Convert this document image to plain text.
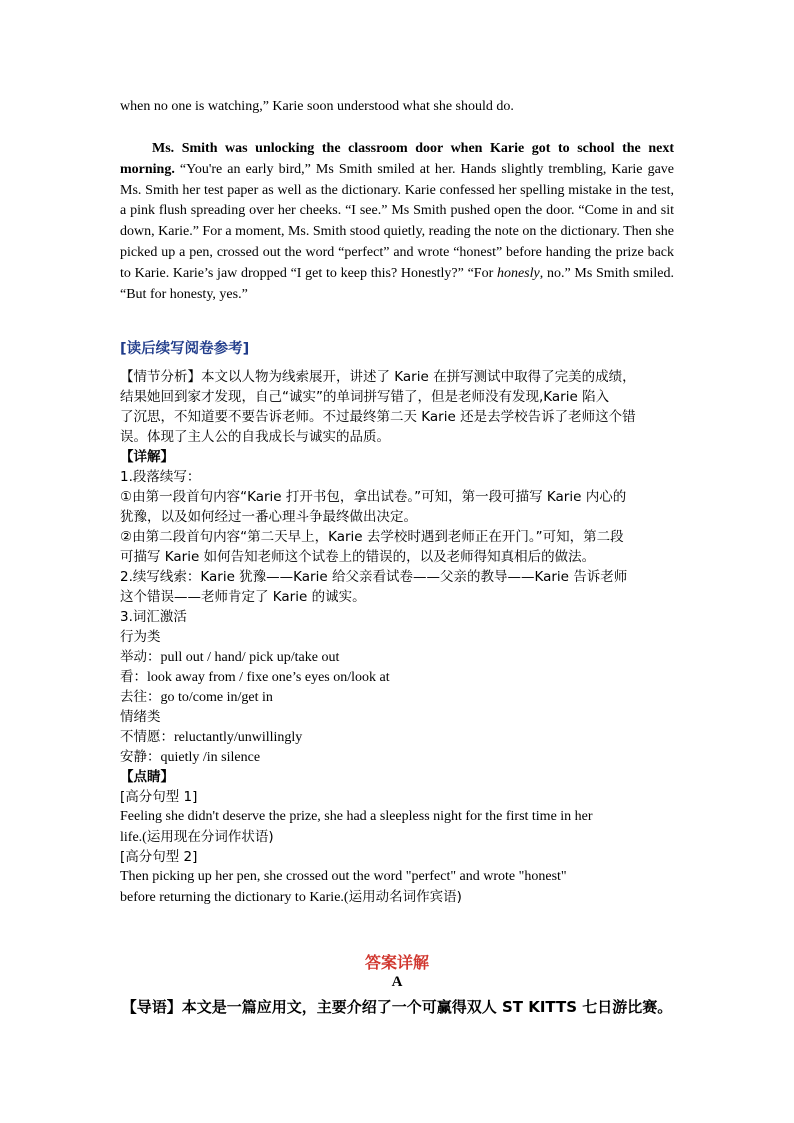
when no one is watching,” Karie soon understood what she should do.
Ms. Smith was unlocking the classroom door when Karie got to school the next morning. “You're an early bird,” Ms Smith smiled at her. Hands slightly trembling, Karie gave Ms. Smith her test paper as well as the dictionary. Karie confessed her spelling mistake in the test, a pink flush spreading over her cheeks. “I see.” Ms Smith pushed open the door. “Come in and sit down, Karie.” For a moment, Ms. Smith stood quietly, reading the note on the dictionary. Then she picked up a pen, crossed out the word “perfect” and wrote “honest” before handing the prize back to Karie. Karie’s jaw dropped “I get to keep this? Honestly?” “For honesly, no.” Ms Smith smiled. “But for honesty, yes.”
[读后续写阅卷参考]
【情节分析】本文以人物为线索展开，讲述了 Karie 在拼写测试中取得了完美的成绩，
结果她回到家才发现，自己“诚实”的单词拼写错了，但是老师没有发现,Karie 陷入
了沉思，不知道要不要告诉老师。不过最终第二天 Karie 还是去学校告诉了老师这个错
误。体现了主人公的自我成长与诚实的品质。
【详解】
1.段落续写：
①由第一段首句内容“Karie 打开书包，拿出试卷。”可知，第一段可描写 Karie 内心的
犹豫，以及如何经过一番心理斗争最终做出决定。
②由第二段首句内容“第二天早上，Karie 去学校时遇到老师正在开门。”可知，第二段
可描写 Karie 如何告知老师这个试卷上的错误的，以及老师得知真相后的做法。
2.续写线索：Karie 犹豫——Karie 给父亲看试卷——父亲的教导——Karie 告诉老师
这个错误——老师肯定了 Karie 的诚实。
3.词汇激活
行为类
举动：pull out / hand/ pick up/take out
看：look away from / fixe one’s eyes on/look at
去往：go to/come in/get in
情绪类
不情愿：reluctantly/unwillingly
安静：quietly /in silence
【点睛】
[高分句型 1]
Feeling she didn't deserve the prize, she had a sleepless night for the first time in her
life.(运用现在分词作状语)
[高分句型 2]
Then picking up her pen, she crossed out the word "perfect" and wrote "honest"
before returning the dictionary to Karie.(运用动名词作宾语)
答案详解
A
【导语】本文是一篇应用文，主要介绍了一个可赢得双人 ST KITTS 七日游比赛。
